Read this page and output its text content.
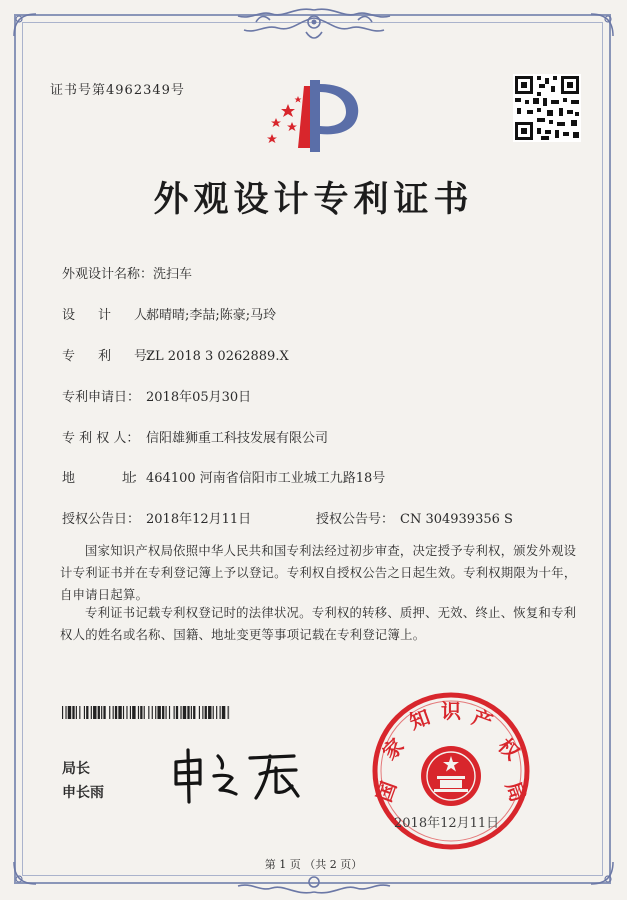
证书号第4962349号
外观设计专利证书
外观设计名称：洗扫车
设　　计　　人：郝晴晴;李喆;陈豪;马玲
专　　利　　号：ZL 2018 3 0262889.X
专利申请日： 2018年05月30日
专 利 权 人： 信阳雄狮重工科技发展有限公司
地　　　　　址： 464100 河南省信阳市工业城工九路18号
授权公告日： 2018年12月11日	授权公告号： CN 304939356 S
国家知识产权局依照中华人民共和国专利法经过初步审查，决定授予专利权，颁发外观设计专利证书并在专利登记簿上予以登记。专利权自授权公告之日起生效。专利权期限为十年，自申请日起算。
专利证书记载专利权登记时的法律状况。专利权的转移、质押、无效、终止、恢复和专利权人的姓名或名称、国籍、地址变更等事项记载在专利登记簿上。
局长
申长雨	国
家
知 识 产
权
局
2018年12月11日
第 1 页 （共 2 页）
